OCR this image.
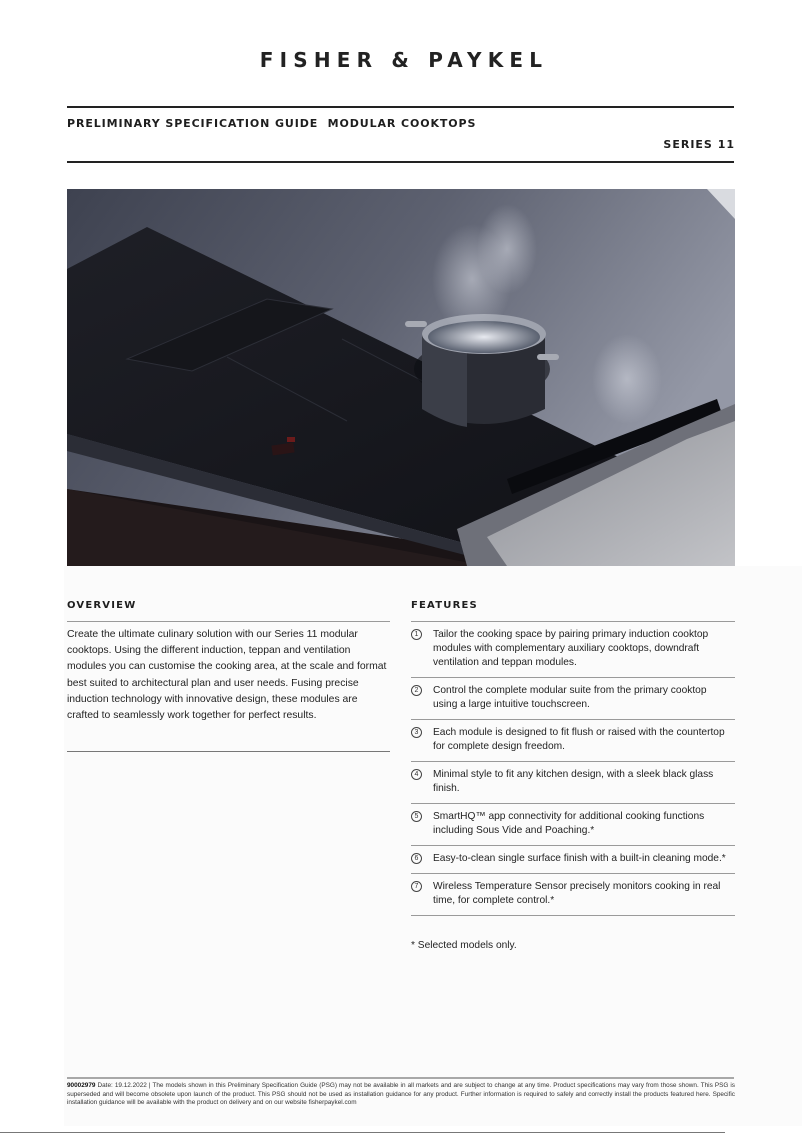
FISHER & PAYKEL
PRELIMINARY SPECIFICATION GUIDE  MODULAR COOKTOPS
SERIES 11
OVERVIEW
Create the ultimate culinary solution with our Series 11 modular cooktops. Using the different induction, teppan and ventilation modules you can customise the cooking area, at the scale and format best suited to architectural plan and user needs. Fusing precise induction technology with innovative design, these modules are crafted to seamlessly work together for perfect results.
FEATURES
1	Tailor the cooking space by pairing primary induction cooktop modules with complementary auxiliary cooktops, downdraft ventilation and teppan modules.
2	Control the complete modular suite from the primary cooktop using a large intuitive touchscreen.
3	Each module is designed to fit flush or raised with the countertop for complete design freedom.
4	Minimal style to fit any kitchen design, with a sleek black glass finish.
5	SmartHQ™ app connectivity for additional cooking functions including Sous Vide and Poaching.*
6	Easy-to-clean single surface finish with a built-in cleaning mode.*
7	Wireless Temperature Sensor precisely monitors cooking in real time, for complete control.*
* Selected models only.
90002979 Date: 19.12.2022 | The models shown in this Preliminary Specification Guide (PSG) may not be available in all markets and are subject to change at any time. Product specifications may vary from those shown. This PSG is superseded and will become obsolete upon launch of the product. This PSG should not be used as installation guidance for any product. Further information is required to safely and correctly install the products featured here. Specific installation guidance will be available with the product on delivery and on our website fisherpaykel.com
